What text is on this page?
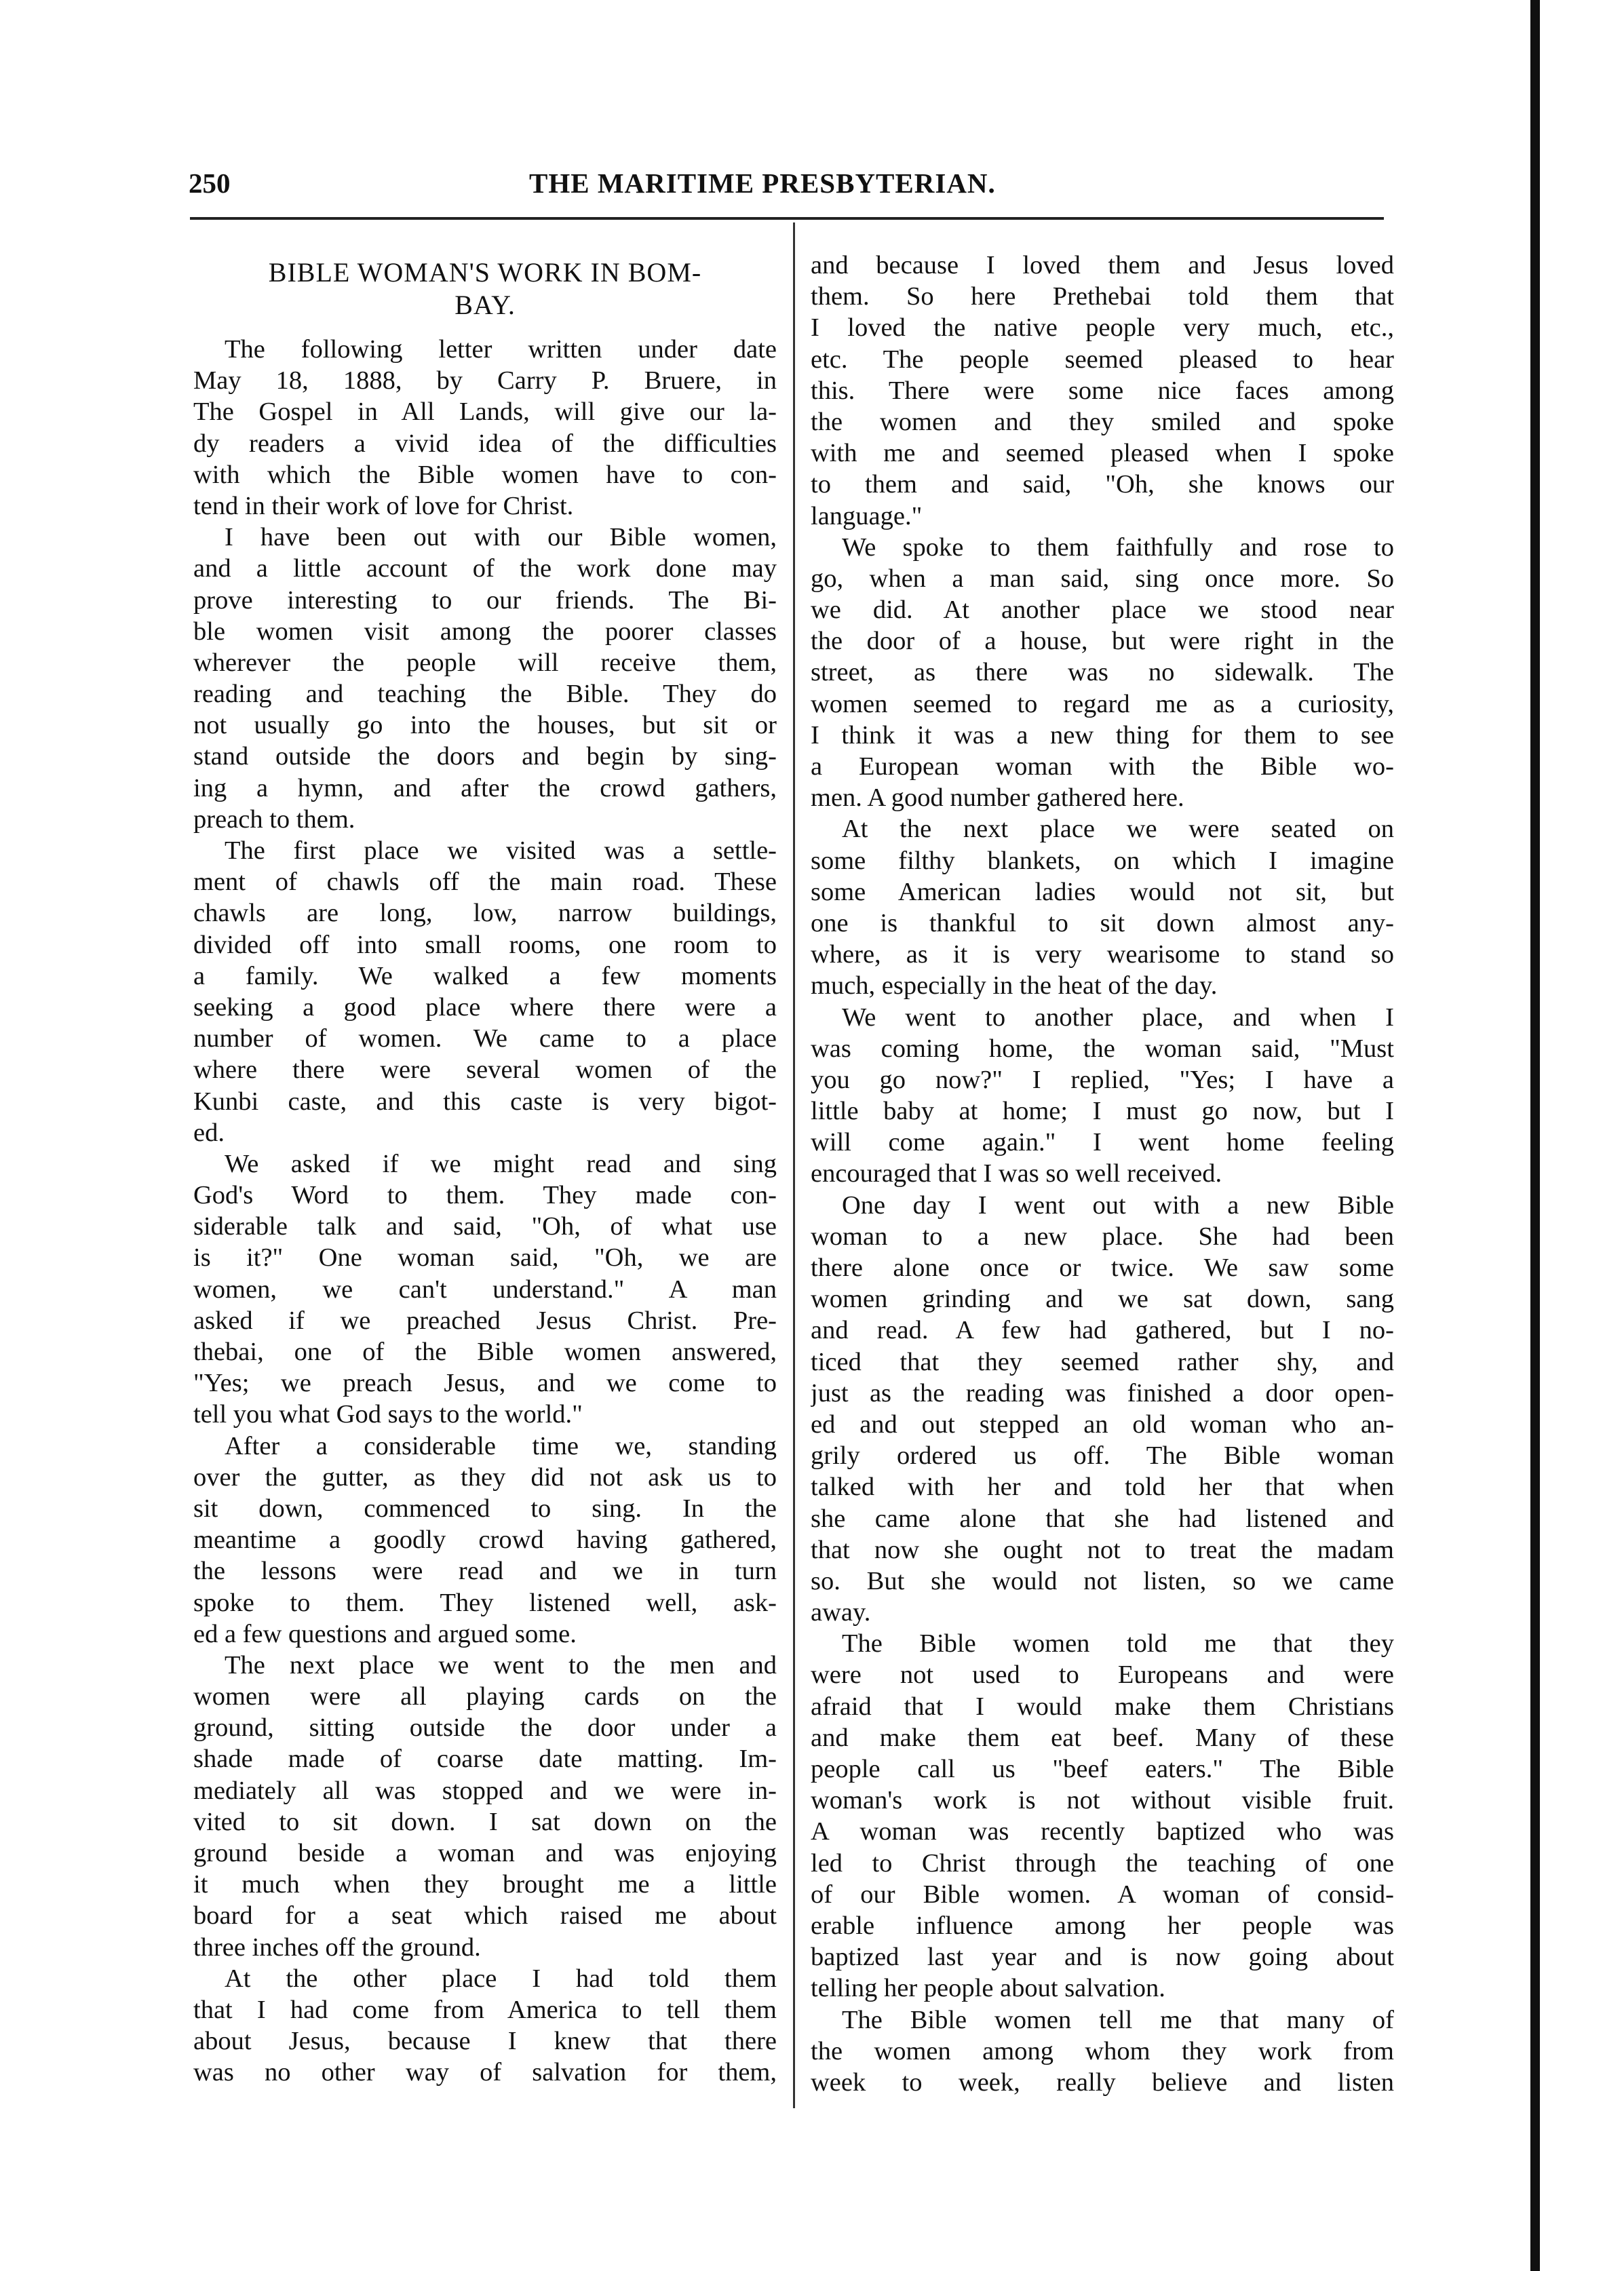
250	THE MARITIME PRESBYTERIAN.
BIBLE WOMAN'S WORK IN BOM-
BAY.
The following letter written under date
May 18, 1888, by Carry P. Bruere, in
The Gospel in All Lands, will give our la-
dy readers a vivid idea of the difficulties
with which the Bible women have to con-
tend in their work of love for Christ.
I have been out with our Bible women,
and a little account of the work done may
prove interesting to our friends. The Bi-
ble women visit among the poorer classes
wherever the people will receive them,
reading and teaching the Bible. They do
not usually go into the houses, but sit or
stand outside the doors and begin by sing-
ing a hymn, and after the crowd gathers,
preach to them.
The first place we visited was a settle-
ment of chawls off the main road. These
chawls are long, low, narrow buildings,
divided off into small rooms, one room to
a family. We walked a few moments
seeking a good place where there were a
number of women. We came to a place
where there were several women of the
Kunbi caste, and this caste is very bigot-
ed.
We asked if we might read and sing
God's Word to them. They made con-
siderable talk and said, "Oh, of what use
is it?" One woman said, "Oh, we are
women, we can't understand." A man
asked if we preached Jesus Christ. Pre-
thebai, one of the Bible women answered,
"Yes; we preach Jesus, and we come to
tell you what God says to the world."
After a considerable time we, standing
over the gutter, as they did not ask us to
sit down, commenced to sing. In the
meantime a goodly crowd having gathered,
the lessons were read and we in turn
spoke to them. They listened well, ask-
ed a few questions and argued some.
The next place we went to the men and
women were all playing cards on the
ground, sitting outside the door under a
shade made of coarse date matting. Im-
mediately all was stopped and we were in-
vited to sit down. I sat down on the
ground beside a woman and was enjoying
it much when they brought me a little
board for a seat which raised me about
three inches off the ground.
At the other place I had told them
that I had come from America to tell them
about Jesus, because I knew that there
was no other way of salvation for them,
and because I loved them and Jesus loved
them. So here Prethebai told them that
I loved the native people very much, etc.,
etc. The people seemed pleased to hear
this. There were some nice faces among
the women and they smiled and spoke
with me and seemed pleased when I spoke
to them and said, "Oh, she knows our
language."
We spoke to them faithfully and rose to
go, when a man said, sing once more. So
we did. At another place we stood near
the door of a house, but were right in the
street, as there was no sidewalk. The
women seemed to regard me as a curiosity,
I think it was a new thing for them to see
a European woman with the Bible wo-
men. A good number gathered here.
At the next place we were seated on
some filthy blankets, on which I imagine
some American ladies would not sit, but
one is thankful to sit down almost any-
where, as it is very wearisome to stand so
much, especially in the heat of the day.
We went to another place, and when I
was coming home, the woman said, "Must
you go now?" I replied, "Yes; I have a
little baby at home; I must go now, but I
will come again." I went home feeling
encouraged that I was so well received.
One day I went out with a new Bible
woman to a new place. She had been
there alone once or twice. We saw some
women grinding and we sat down, sang
and read. A few had gathered, but I no-
ticed that they seemed rather shy, and
just as the reading was finished a door open-
ed and out stepped an old woman who an-
grily ordered us off. The Bible woman
talked with her and told her that when
she came alone that she had listened and
that now she ought not to treat the madam
so. But she would not listen, so we came
away.
The Bible women told me that they
were not used to Europeans and were
afraid that I would make them Christians
and make them eat beef. Many of these
people call us "beef eaters." The Bible
woman's work is not without visible fruit.
A woman was recently baptized who was
led to Christ through the teaching of one
of our Bible women. A woman of consid-
erable influence among her people was
baptized last year and is now going about
telling her people about salvation.
The Bible women tell me that many of
the women among whom they work from
week to week, really believe and listen
